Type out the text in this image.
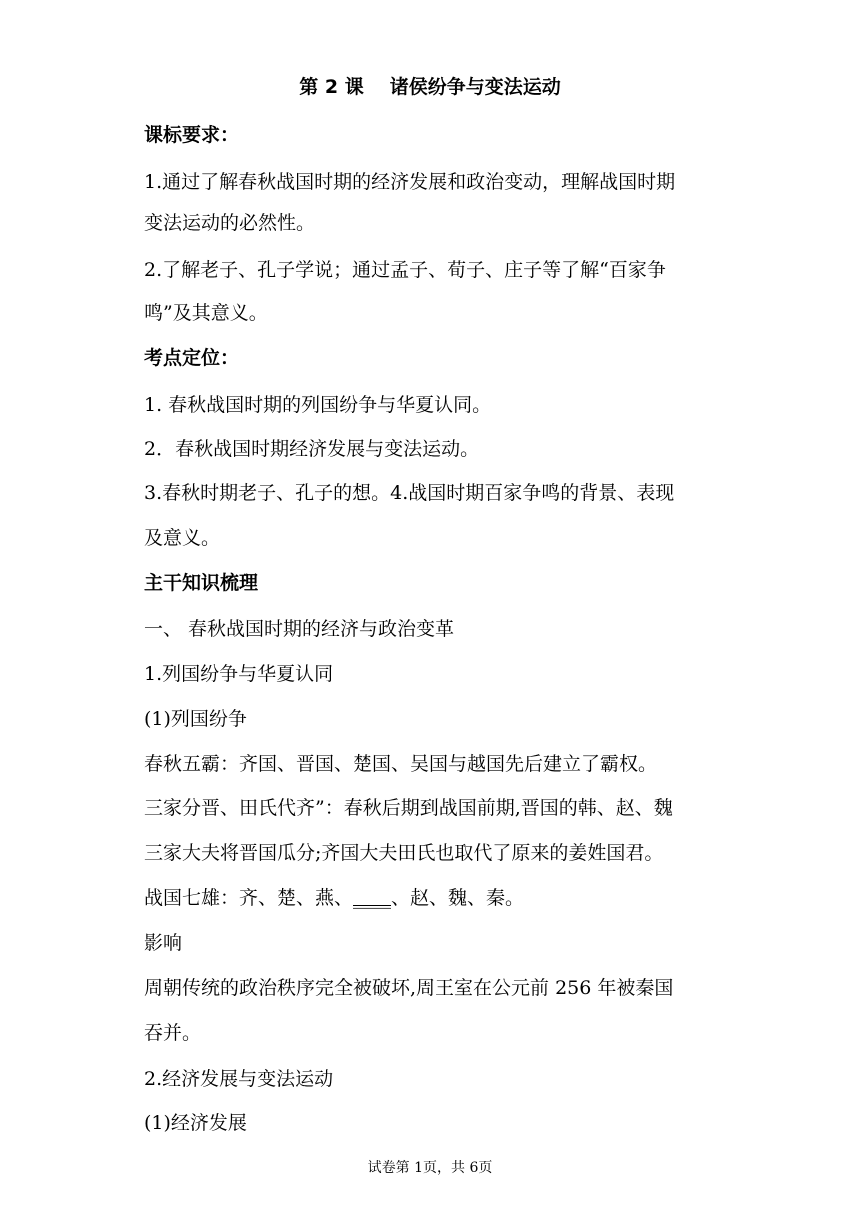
第 2 课 诸侯纷争与变法运动
课标要求：
1.通过了解春秋战国时期的经济发展和政治变动，理解战国时期
变法运动的必然性。
2.了解老子、孔子学说；通过孟子、荀子、庄子等了解“百家争
鸣”及其意义。
考点定位：
1. 春秋战国时期的列国纷争与华夏认同。
2．春秋战国时期经济发展与变法运动。
3.春秋时期老子、孔子的想。4.战国时期百家争鸣的背景、表现
及意义。
主干知识梳理
一、 春秋战国时期的经济与政治变革
1.列国纷争与华夏认同
(1)列国纷争
春秋五霸：齐国、晋国、楚国、吴国与越国先后建立了霸权。
三家分晋、田氏代齐”：春秋后期到战国前期,晋国的韩、赵、魏
三家大夫将晋国瓜分;齐国大夫田氏也取代了原来的姜姓国君。
战国七雄：齐、楚、燕、____、赵、魏、秦。
影响
周朝传统的政治秩序完全被破坏,周王室在公元前 256 年被秦国
吞并。
2.经济发展与变法运动
(1)经济发展
试卷第 1页，共 6页
